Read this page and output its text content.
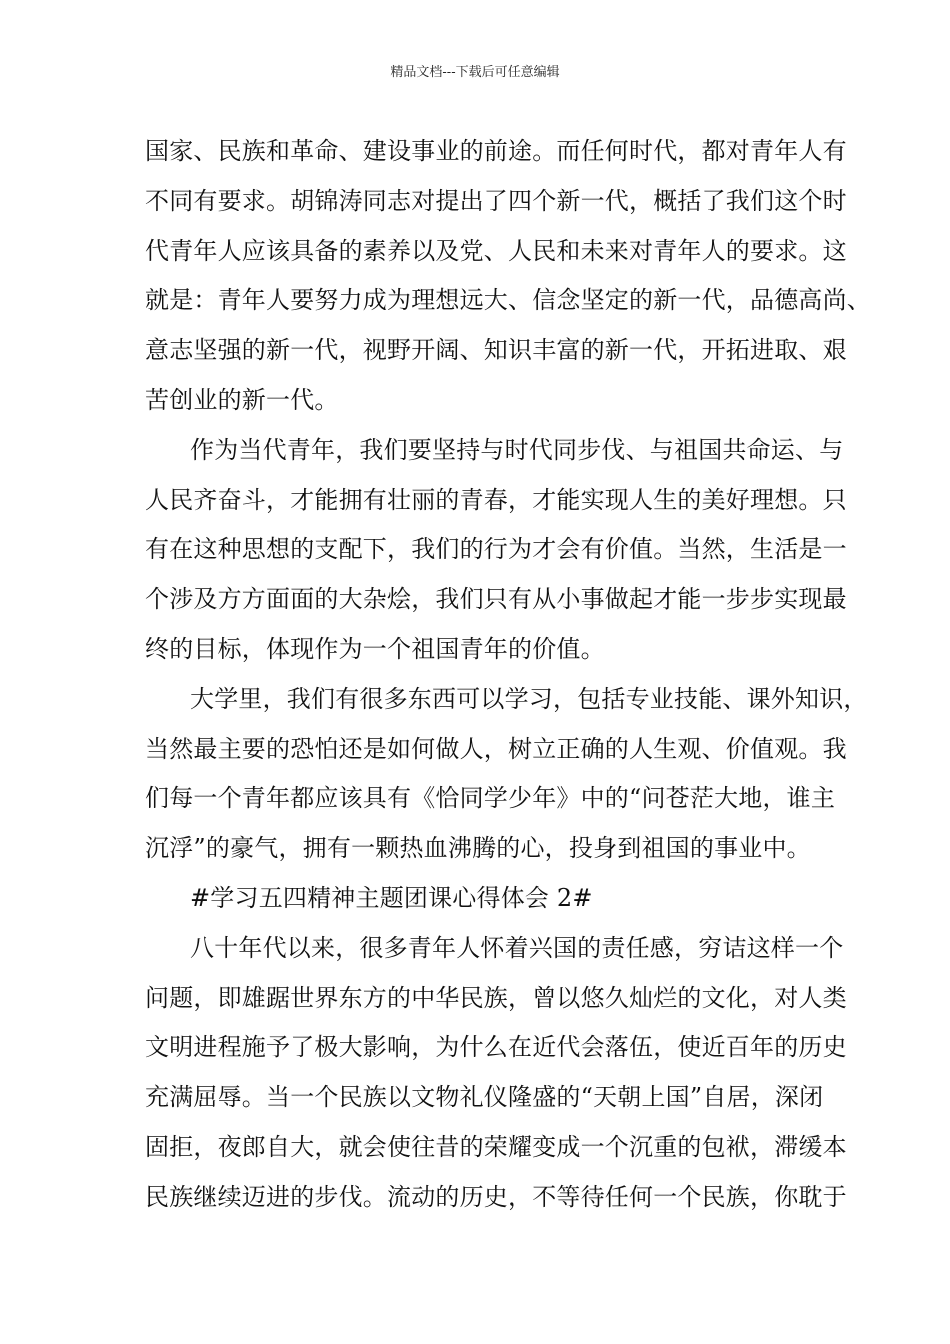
精品文档---下载后可任意编辑
国家、民族和革命、建设事业的前途。而任何时代，都对青年人有
不同有要求。胡锦涛同志对提出了四个新一代，概括了我们这个时
代青年人应该具备的素养以及党、人民和未来对青年人的要求。这
就是：青年人要努力成为理想远大、信念坚定的新一代，品德高尚、
意志坚强的新一代，视野开阔、知识丰富的新一代，开拓进取、艰
苦创业的新一代。
作为当代青年，我们要坚持与时代同步伐、与祖国共命运、与
人民齐奋斗，才能拥有壮丽的青春，才能实现人生的美好理想。只
有在这种思想的支配下，我们的行为才会有价值。当然，生活是一
个涉及方方面面的大杂烩，我们只有从小事做起才能一步步实现最
终的目标，体现作为一个祖国青年的价值。
大学里，我们有很多东西可以学习，包括专业技能、课外知识，
当然最主要的恐怕还是如何做人，树立正确的人生观、价值观。我
们每一个青年都应该具有《恰同学少年》中的“问苍茫大地，谁主
沉浮”的豪气，拥有一颗热血沸腾的心，投身到祖国的事业中。
#学习五四精神主题团课心得体会 2#
八十年代以来，很多青年人怀着兴国的责任感，穷诘这样一个
问题，即雄踞世界东方的中华民族，曾以悠久灿烂的文化，对人类
文明进程施予了极大影响，为什么在近代会落伍，使近百年的历史
充满屈辱。当一个民族以文物礼仪隆盛的“天朝上国”自居，深闭
固拒，夜郎自大，就会使往昔的荣耀变成一个沉重的包袱，滞缓本
民族继续迈进的步伐。流动的历史，不等待任何一个民族，你耽于
